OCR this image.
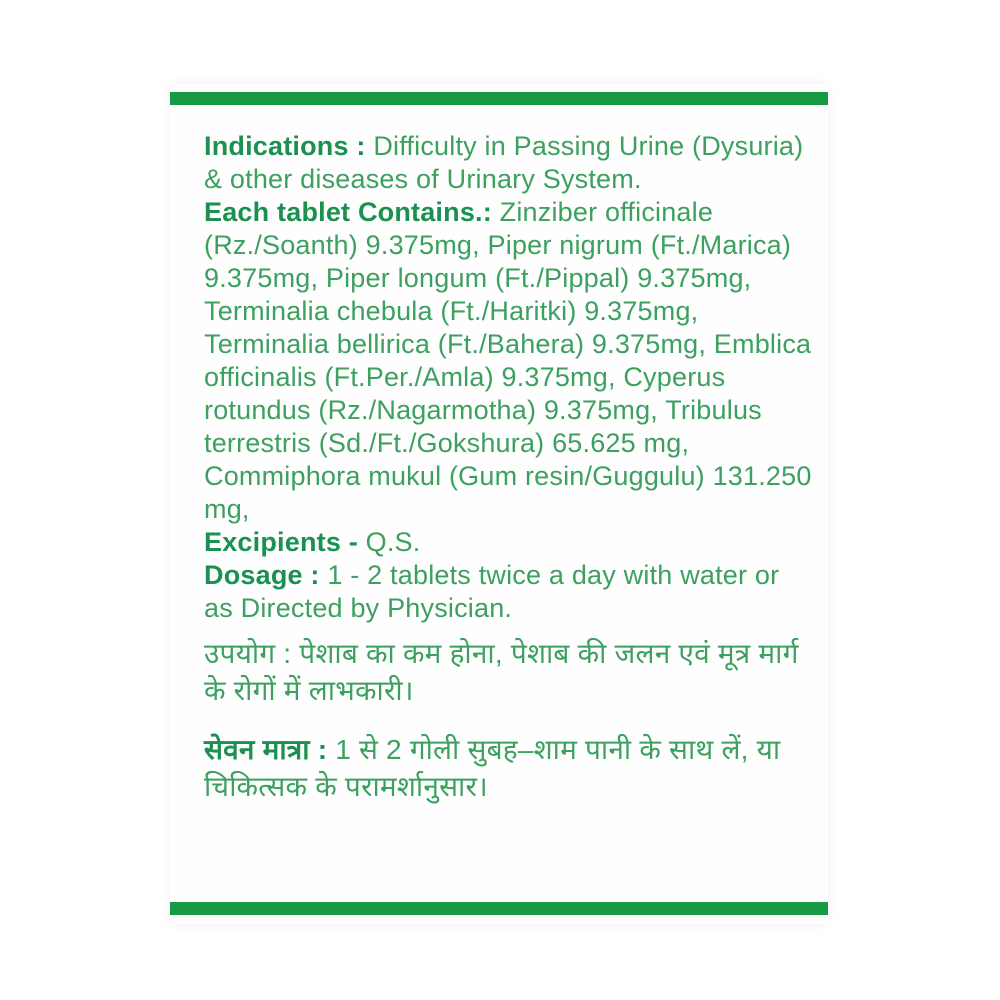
Indications : Difficulty in Passing Urine (Dysuria) & other diseases of Urinary System.

Each tablet Contains.: Zinziber officinale (Rz./Soanth) 9.375mg, Piper nigrum (Ft./Marica) 9.375mg, Piper longum (Ft./Pippal) 9.375mg, Terminalia chebula (Ft./Haritki) 9.375mg, Terminalia bellirica (Ft./Bahera) 9.375mg, Emblica officinalis (Ft.Per./Amla) 9.375mg, Cyperus rotundus (Rz./Nagarmotha) 9.375mg, Tribulus terrestris (Sd./Ft./Gokshura) 65.625 mg, Commiphora mukul (Gum resin/Guggulu) 131.250 mg,

Excipients - Q.S.

Dosage : 1 - 2 tablets twice a day with water or as Directed by Physician.

उपयोग : पेशाब का कम होना, पेशाब की जलन एवं मूत्र मार्ग के रोगों में लाभकारी।

सेवन मात्रा : 1 से 2 गोली सुबह–शाम पानी के साथ लें, या चिकित्सक के परामर्शानुसार।
